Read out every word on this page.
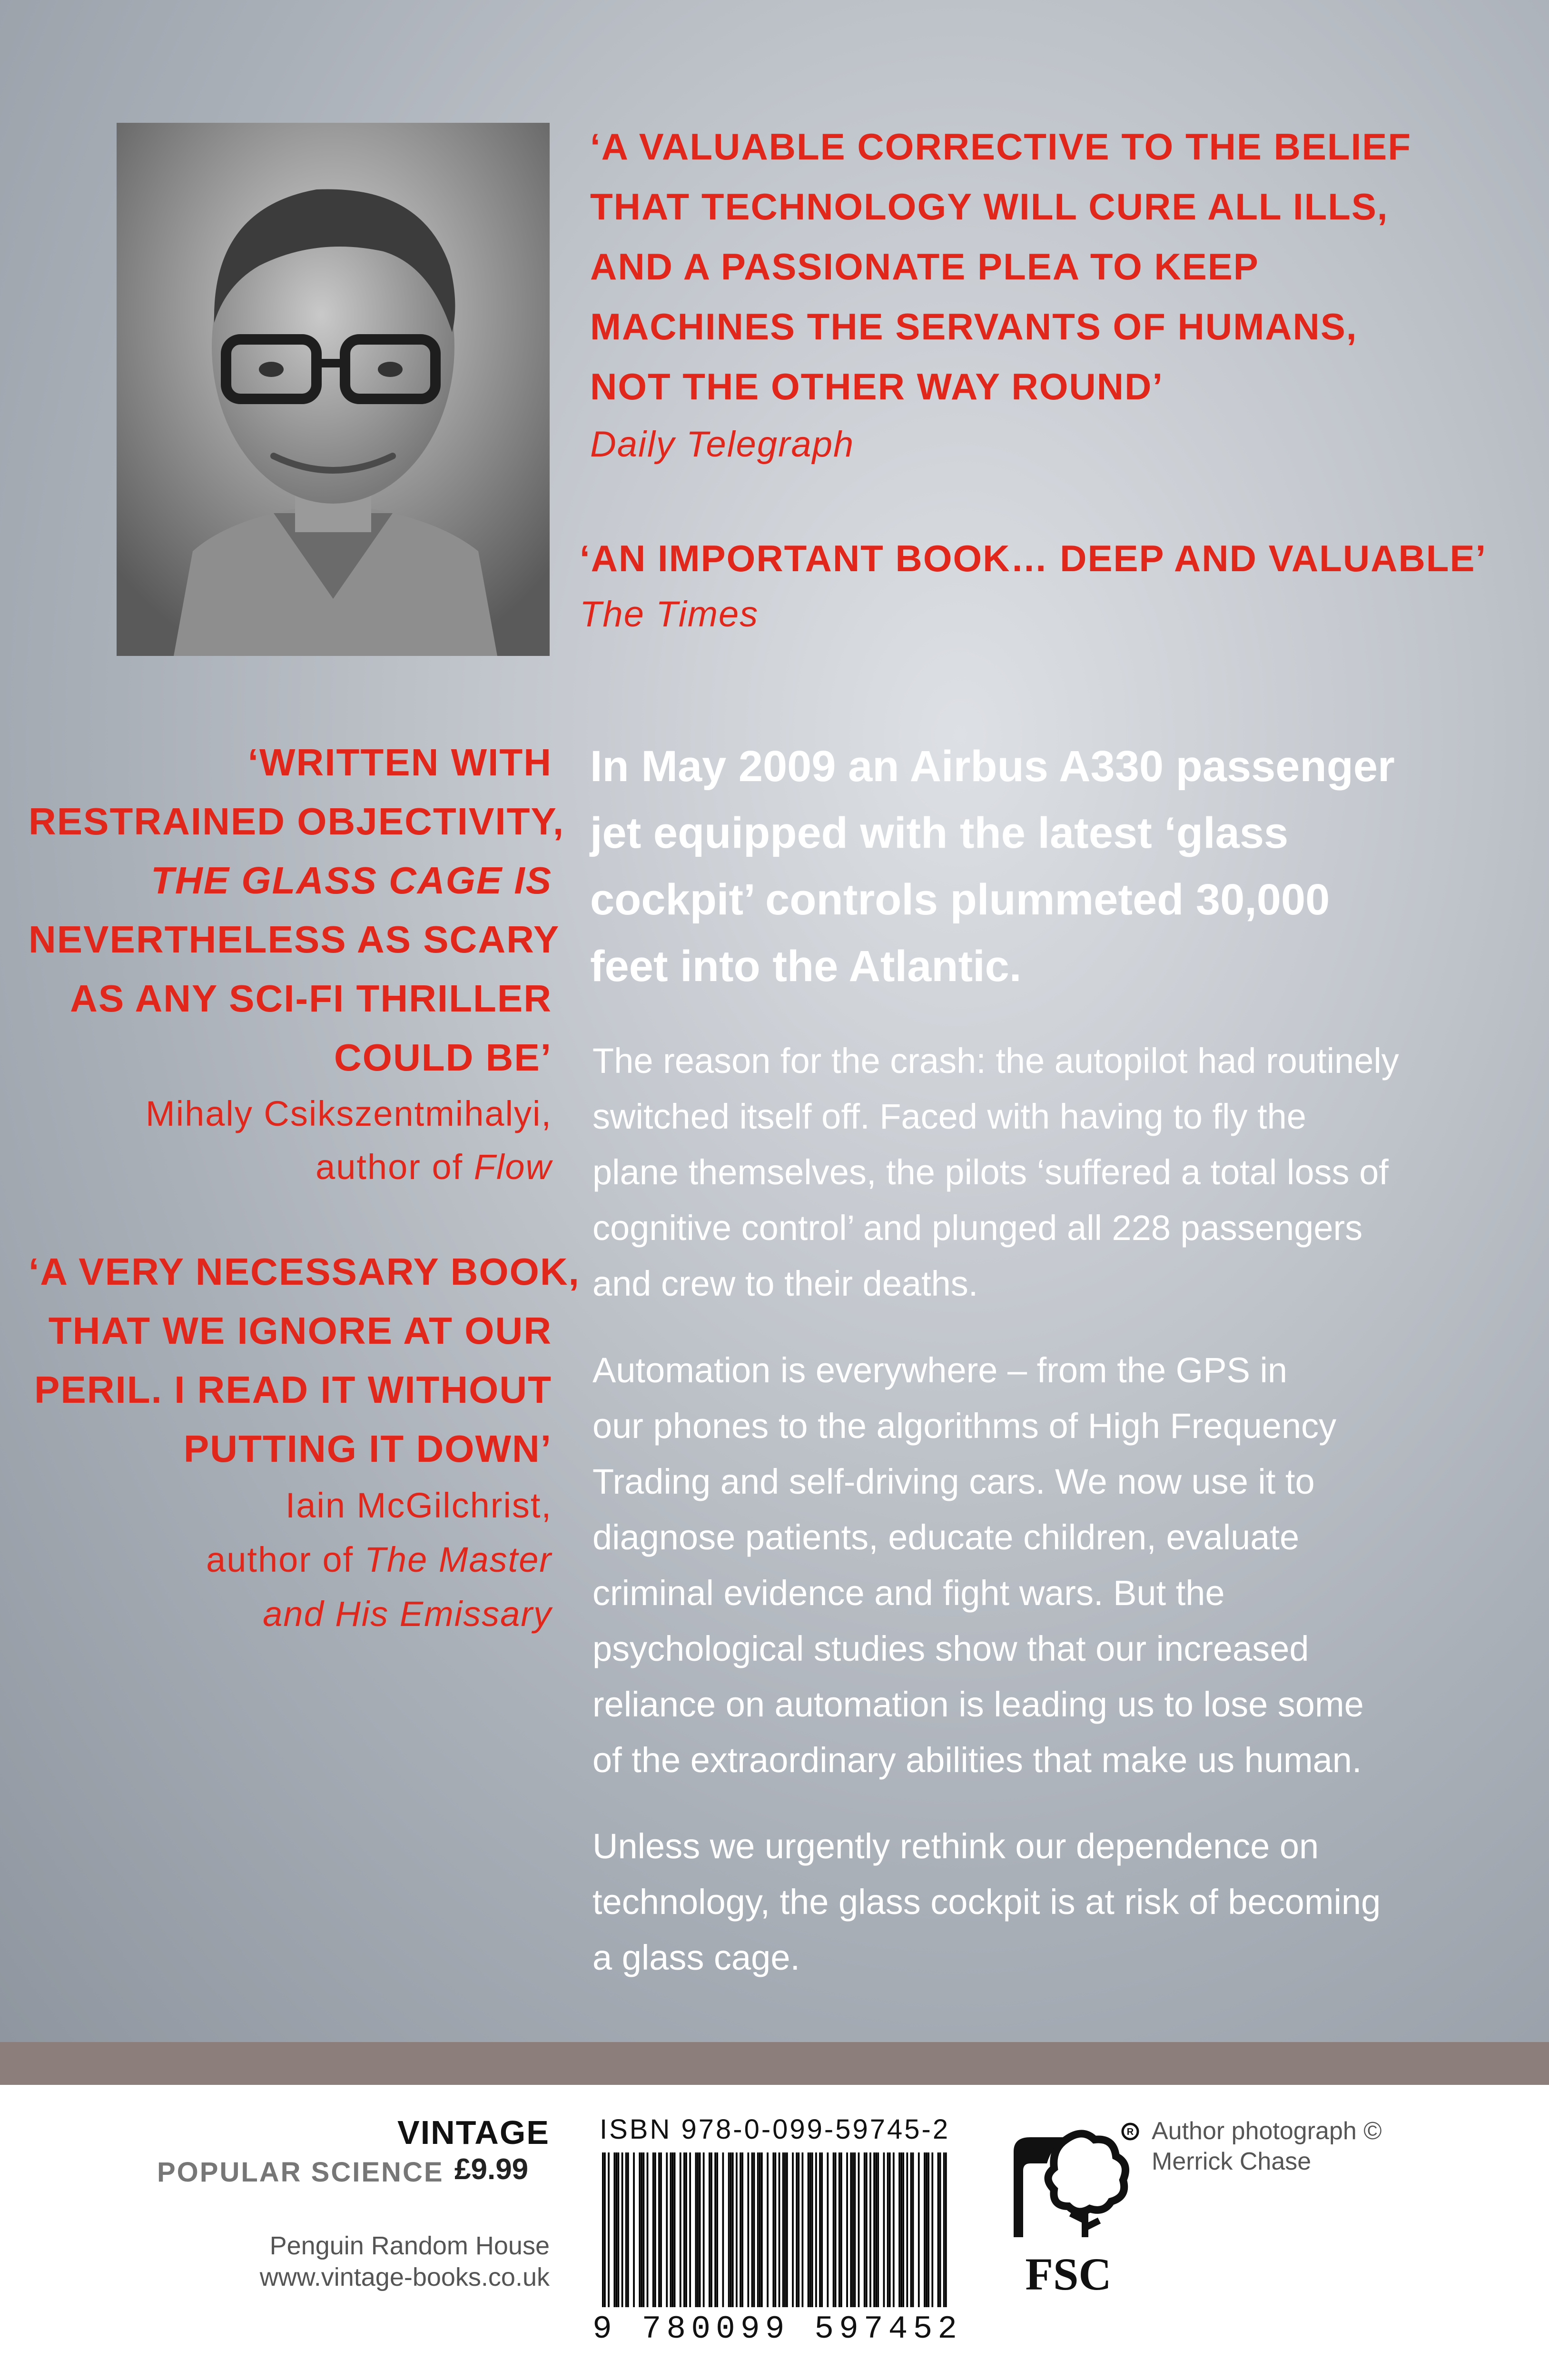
‘A VALUABLE CORRECTIVE TO THE BELIEF
THAT TECHNOLOGY WILL CURE ALL ILLS,
AND A PASSIONATE PLEA TO KEEP
MACHINES THE SERVANTS OF HUMANS,
NOT THE OTHER WAY ROUND’
Daily Telegraph
‘AN IMPORTANT BOOK… DEEP AND VALUABLE’
The Times
‘WRITTEN WITH
RESTRAINED OBJECTIVITY,
THE GLASS CAGE IS
NEVERTHELESS AS SCARY
AS ANY SCI-FI THRILLER
COULD BE’
Mihaly Csikszentmihalyi,
author of Flow
‘A VERY NECESSARY BOOK,
THAT WE IGNORE AT OUR
PERIL. I READ IT WITHOUT
PUTTING IT DOWN’
Iain McGilchrist,
author of The Master
and His Emissary
In May 2009 an Airbus A330 passenger
jet equipped with the latest ‘glass
cockpit’ controls plummeted 30,000
feet into the Atlantic.
The reason for the crash: the autopilot had routinely
switched itself off. Faced with having to fly the
plane themselves, the pilots ‘suffered a total loss of
cognitive control’ and plunged all 228 passengers
and crew to their deaths.
Automation is everywhere – from the GPS in
our phones to the algorithms of High Frequency
Trading and self-driving cars. We now use it to
diagnose patients, educate children, evaluate
criminal evidence and fight wars. But the
psychological studies show that our increased
reliance on automation is leading us to lose some
of the extraordinary abilities that make us human.
Unless we urgently rethink our dependence on
technology, the glass cockpit is at risk of becoming
a glass cage.
VINTAGE
POPULAR SCIENCE £9.99
Penguin Random House
www.vintage-books.co.uk
ISBN 978-0-099-59745-2
9 780099 597452
R
FSC
Author photograph ©
Merrick Chase
